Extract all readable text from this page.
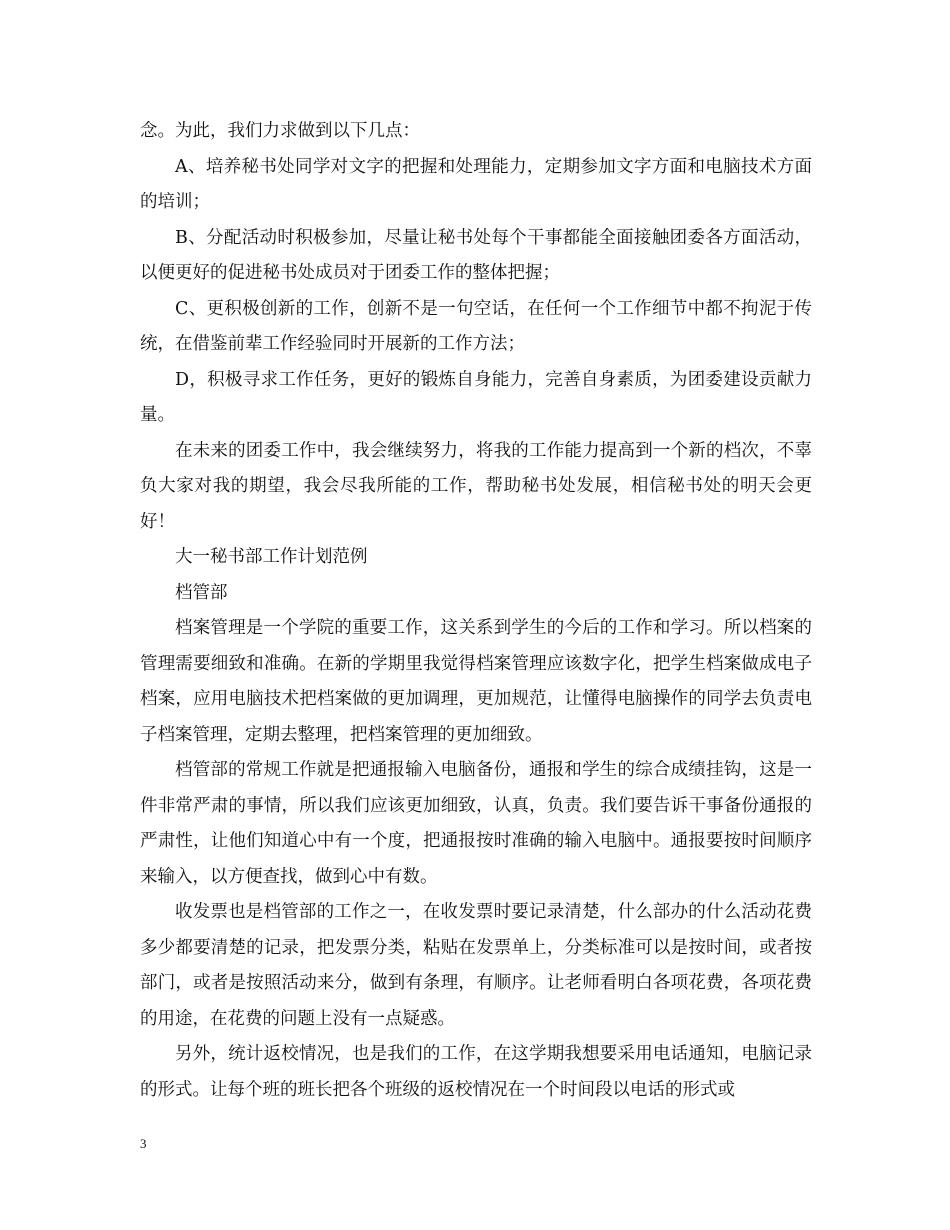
念。为此，我们力求做到以下几点：

A、培养秘书处同学对文字的把握和处理能力，定期参加文字方面和电脑技术方面的培训；

B、分配活动时积极参加，尽量让秘书处每个干事都能全面接触团委各方面活动，以便更好的促进秘书处成员对于团委工作的整体把握；

C、更积极创新的工作，创新不是一句空话，在任何一个工作细节中都不拘泥于传统，在借鉴前辈工作经验同时开展新的工作方法；

D，积极寻求工作任务，更好的锻炼自身能力，完善自身素质，为团委建设贡献力量。

在未来的团委工作中，我会继续努力，将我的工作能力提高到一个新的档次，不辜负大家对我的期望，我会尽我所能的工作，帮助秘书处发展，相信秘书处的明天会更好！

大一秘书部工作计划范例

档管部

档案管理是一个学院的重要工作，这关系到学生的今后的工作和学习。所以档案的管理需要细致和准确。在新的学期里我觉得档案管理应该数字化，把学生档案做成电子档案，应用电脑技术把档案做的更加调理，更加规范，让懂得电脑操作的同学去负责电子档案管理，定期去整理，把档案管理的更加细致。

档管部的常规工作就是把通报输入电脑备份，通报和学生的综合成绩挂钩，这是一件非常严肃的事情，所以我们应该更加细致，认真，负责。我们要告诉干事备份通报的严肃性，让他们知道心中有一个度，把通报按时准确的输入电脑中。通报要按时间顺序来输入，以方便查找，做到心中有数。

收发票也是档管部的工作之一，在收发票时要记录清楚，什么部办的什么活动花费多少都要清楚的记录，把发票分类，粘贴在发票单上，分类标准可以是按时间，或者按部门，或者是按照活动来分，做到有条理，有顺序。让老师看明白各项花费，各项花费的用途，在花费的问题上没有一点疑惑。

另外，统计返校情况，也是我们的工作，在这学期我想要采用电话通知，电脑记录的形式。让每个班的班长把各个班级的返校情况在一个时间段以电话的形式或

3
